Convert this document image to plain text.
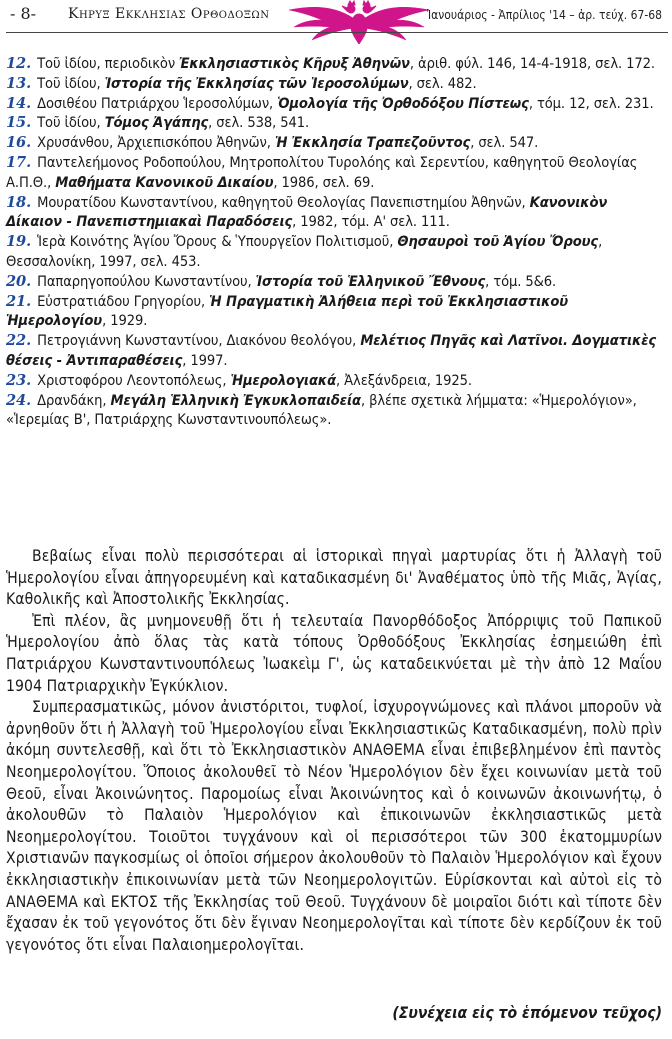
- 8- Κηρυξ Εκκλησιας Ορθοδοξων	Ἰανουάριος - Ἀπρίλιος '14 – ἀρ. τεύχ. 67-68

12. Τοῦ ἰδίου, περιοδικὸν Ἐκκλησιαστικὸς Κῆρυξ Ἀθηνῶν, ἀριθ. φύλ. 146, 14-4-1918, σελ. 172.

13. Τοῦ ἰδίου, Ἱστορία τῆς Ἐκκλησίας τῶν Ἱεροσολύμων, σελ. 482.

14. Δοσιθέου Πατριάρχου Ἱεροσολύμων, Ὁμολογία τῆς Ὀρθοδόξου Πίστεως, τόμ. 12, σελ. 231.

15. Τοῦ ἰδίου, Τόμος Ἀγάπης, σελ. 538, 541.

16. Χρυσάνθου, Ἀρχιεπισκόπου Ἀθηνῶν, Ἡ Ἐκκλησία Τραπεζοῦντος, σελ. 547.

17. Παντελεήμονος Ροδοπούλου, Μητροπολίτου Τυρολόης καὶ Σερεντίου, καθηγητοῦ Θεολογίας Α.Π.Θ., Μαθήματα Κανονικοῦ Δικαίου, 1986, σελ. 69.

18. Μουρατίδου Κωνσταντίνου, καθηγητοῦ Θεολογίας Πανεπιστημίου Ἀθηνῶν, Κανονικὸν Δίκαιον - Πανεπιστημιακαὶ Παραδόσεις, 1982, τόμ. Α' σελ. 111.

19. Ἱερὰ Κοινότης Ἁγίου Ὄρους & Ὑπουργεῖον Πολιτισμοῦ, Θησαυροὶ τοῦ Ἁγίου Ὄρους, Θεσσαλονίκη, 1997, σελ. 453.

20. Παπαρηγοπούλου Κωνσταντίνου, Ἱστορία τοῦ Ἑλληνικοῦ Ἔθνους, τόμ. 5&6.

21. Εὐστρατιάδου Γρηγορίου, Ἡ Πραγματικὴ Ἀλήθεια περὶ τοῦ Ἐκκλησιαστικοῦ Ἡμερολογίου, 1929.

22. Πετρογιάννη Κωνσταντίνου, Διακόνου θεολόγου, Μελέτιος Πηγᾶς καὶ Λατῖνοι. Δογματικὲς θέσεις - Ἀντιπαραθέσεις, 1997.

23. Χριστοφόρου Λεοντοπόλεως, Ἡμερολογιακά, Ἀλεξάνδρεια, 1925.

24. Δρανδάκη, Μεγάλη Ἑλληνικὴ Ἐγκυκλοπαιδεία, βλέπε σχετικὰ λήμματα: «Ἡμερολόγιον», «Ἱερεμίας Β', Πατριάρχης Κωνσταντινουπόλεως».

Βεβαίως εἶναι πολὺ περισσότεραι αἱ ἱστορικαὶ πηγαὶ μαρτυρίας ὅτι ἡ Ἀλλαγὴ τοῦ Ἡμερολογίου εἶναι ἀπηγορευμένη καὶ καταδικασμένη δι' Ἀναθέματος ὑπὸ τῆς Μιᾶς, Ἁγίας, Καθολικῆς καὶ Ἀποστολικῆς Ἐκκλησίας.

Ἐπὶ πλέον, ἂς μνημονευθῇ ὅτι ἡ τελευταία Πανορθόδοξος Ἀπόρριψις τοῦ Παπικοῦ Ἡμερολογίου ἀπὸ ὅλας τὰς κατὰ τόπους Ὀρθοδόξους Ἐκκλησίας ἐσημειώθη ἐπὶ Πατριάρχου Κωνσταντινουπόλεως Ἰωακεὶμ Γ', ὡς καταδεικνύεται μὲ τὴν ἀπὸ 12 Μαΐου 1904 Πατριαρχικὴν Ἐγκύκλιον.

Συμπερασματικῶς, μόνον ἀνιστόριτοι, τυφλοί, ἰσχυρογνώμονες καὶ πλάνοι μποροῦν νὰ ἀρνηθοῦν ὅτι ἡ Ἀλλαγὴ τοῦ Ἡμερολογίου εἶναι Ἐκκλησιαστικῶς Καταδικασμένη, πολὺ πρὶν ἀκόμη συντελεσθῇ, καὶ ὅτι τὸ Ἐκκλησιαστικὸν ΑΝΑΘΕΜΑ εἶναι ἐπιβεβλημένον ἐπὶ παντὸς Νεοημερολογίτου. Ὅποιος ἀκολουθεῖ τὸ Νέον Ἡμερολόγιον δὲν ἔχει κοινωνίαν μετὰ τοῦ Θεοῦ, εἶναι Ἀκοινώνητος. Παρομοίως εἶναι Ἀκοινώνητος καὶ ὁ κοινωνῶν ἀκοινωνήτῳ, ὁ ἀκολουθῶν τὸ Παλαιὸν Ἡμερολόγιον καὶ ἐπικοινωνῶν ἐκκλησιαστικῶς μετὰ Νεοημερολογίτου. Τοιοῦτοι τυγχάνουν καὶ οἱ περισσότεροι τῶν 300 ἑκατομμυρίων Χριστιανῶν παγκοσμίως οἱ ὁποῖοι σήμερον ἀκολουθοῦν τὸ Παλαιὸν Ἡμερολόγιον καὶ ἔχουν ἐκκλησιαστικὴν ἐπικοινωνίαν μετὰ τῶν Νεοημερολογιτῶν. Εὑρίσκονται καὶ αὐτοὶ εἰς τὸ ΑΝΑΘΕΜΑ καὶ ΕΚΤΟΣ τῆς Ἐκκλησίας τοῦ Θεοῦ. Τυγχάνουν δὲ μοιραῖοι διότι καὶ τίποτε δὲν ἔχασαν ἐκ τοῦ γεγονότος ὅτι δὲν ἔγιναν Νεοημερολογῖται καὶ τίποτε δὲν κερδίζουν ἐκ τοῦ γεγονότος ὅτι εἶναι Παλαιοημερολογῖται.

(Συνέχεια εἰς τὸ ἑπόμενον τεῦχος)
